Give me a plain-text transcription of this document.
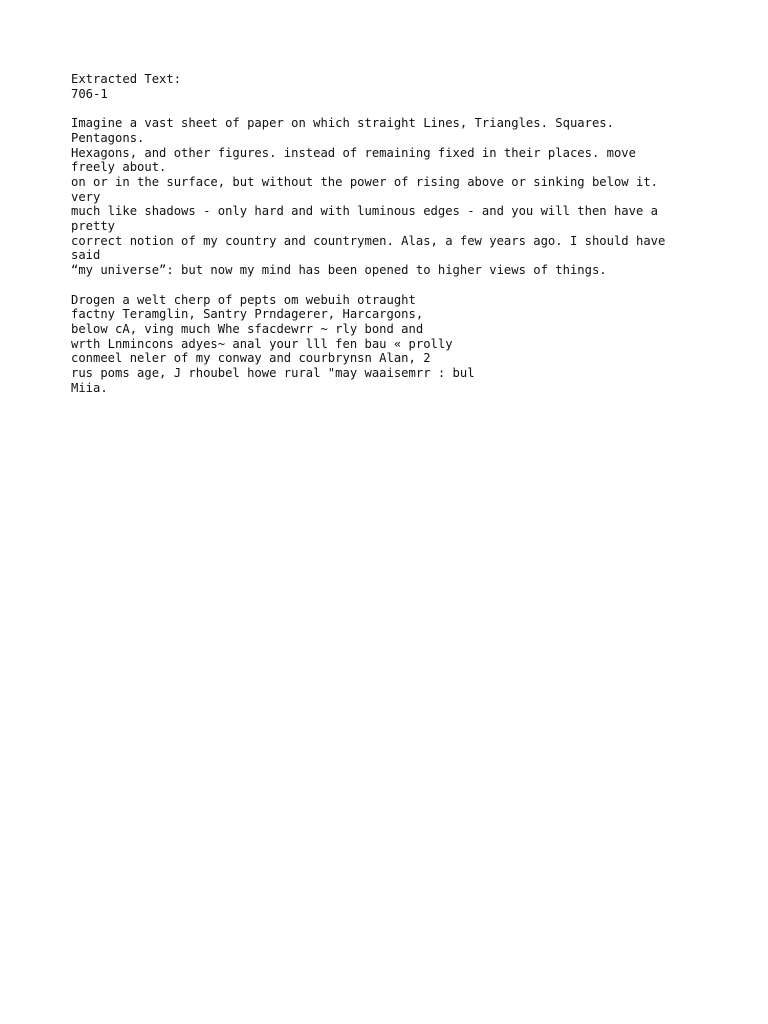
Extracted Text:
706-1
Imagine a vast sheet of paper on which straight Lines, Triangles. Squares.
Pentagons.
Hexagons, and other figures. instead of remaining fixed in their places. move
freely about.
on or in the surface, but without the power of rising above or sinking below it.
very
much like shadows - only hard and with luminous edges - and you will then have a
pretty
correct notion of my country and countrymen. Alas, a few years ago. I should have
said
“my universe”: but now my mind has been opened to higher views of things.
Drogen a welt cherp of pepts om webuih otraught
factny Teramglin, Santry Prndagerer, Harcargons,
below cA, ving much Whe sfacdewrr ~ rly bond and
wrth Lnmincons adyes~ anal your lll fen bau « prolly
conmeel neler of my conway and courbrynsn Alan, 2
rus poms age, J rhoubel howe rural "may waaisemrr : bul
Miia.
